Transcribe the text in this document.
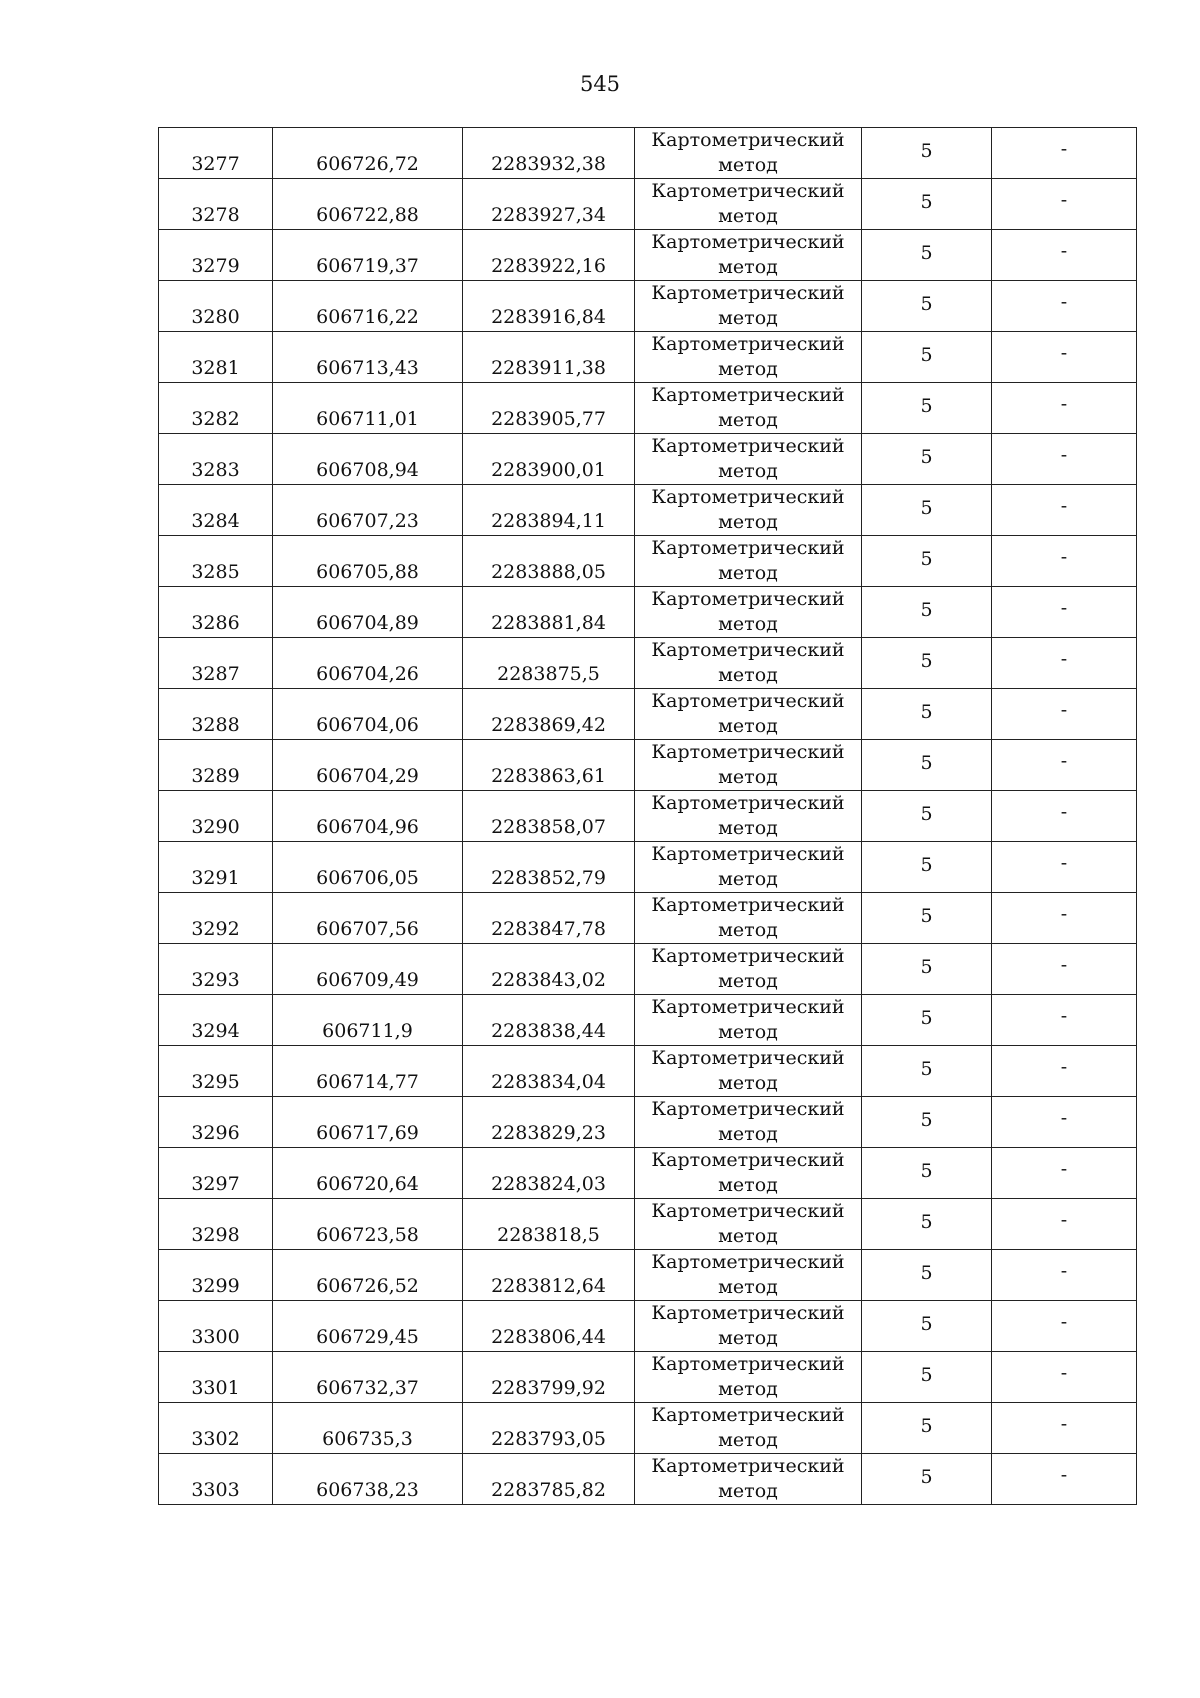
545
3277	606726,72	2283932,38	Картометрический
метод	5	-
3278	606722,88	2283927,34	Картометрический
метод	5	-
3279	606719,37	2283922,16	Картометрический
метод	5	-
3280	606716,22	2283916,84	Картометрический
метод	5	-
3281	606713,43	2283911,38	Картометрический
метод	5	-
3282	606711,01	2283905,77	Картометрический
метод	5	-
3283	606708,94	2283900,01	Картометрический
метод	5	-
3284	606707,23	2283894,11	Картометрический
метод	5	-
3285	606705,88	2283888,05	Картометрический
метод	5	-
3286	606704,89	2283881,84	Картометрический
метод	5	-
3287	606704,26	2283875,5	Картометрический
метод	5	-
3288	606704,06	2283869,42	Картометрический
метод	5	-
3289	606704,29	2283863,61	Картометрический
метод	5	-
3290	606704,96	2283858,07	Картометрический
метод	5	-
3291	606706,05	2283852,79	Картометрический
метод	5	-
3292	606707,56	2283847,78	Картометрический
метод	5	-
3293	606709,49	2283843,02	Картометрический
метод	5	-
3294	606711,9	2283838,44	Картометрический
метод	5	-
3295	606714,77	2283834,04	Картометрический
метод	5	-
3296	606717,69	2283829,23	Картометрический
метод	5	-
3297	606720,64	2283824,03	Картометрический
метод	5	-
3298	606723,58	2283818,5	Картометрический
метод	5	-
3299	606726,52	2283812,64	Картометрический
метод	5	-
3300	606729,45	2283806,44	Картометрический
метод	5	-
3301	606732,37	2283799,92	Картометрический
метод	5	-
3302	606735,3	2283793,05	Картометрический
метод	5	-
3303	606738,23	2283785,82	Картометрический
метод	5	-
